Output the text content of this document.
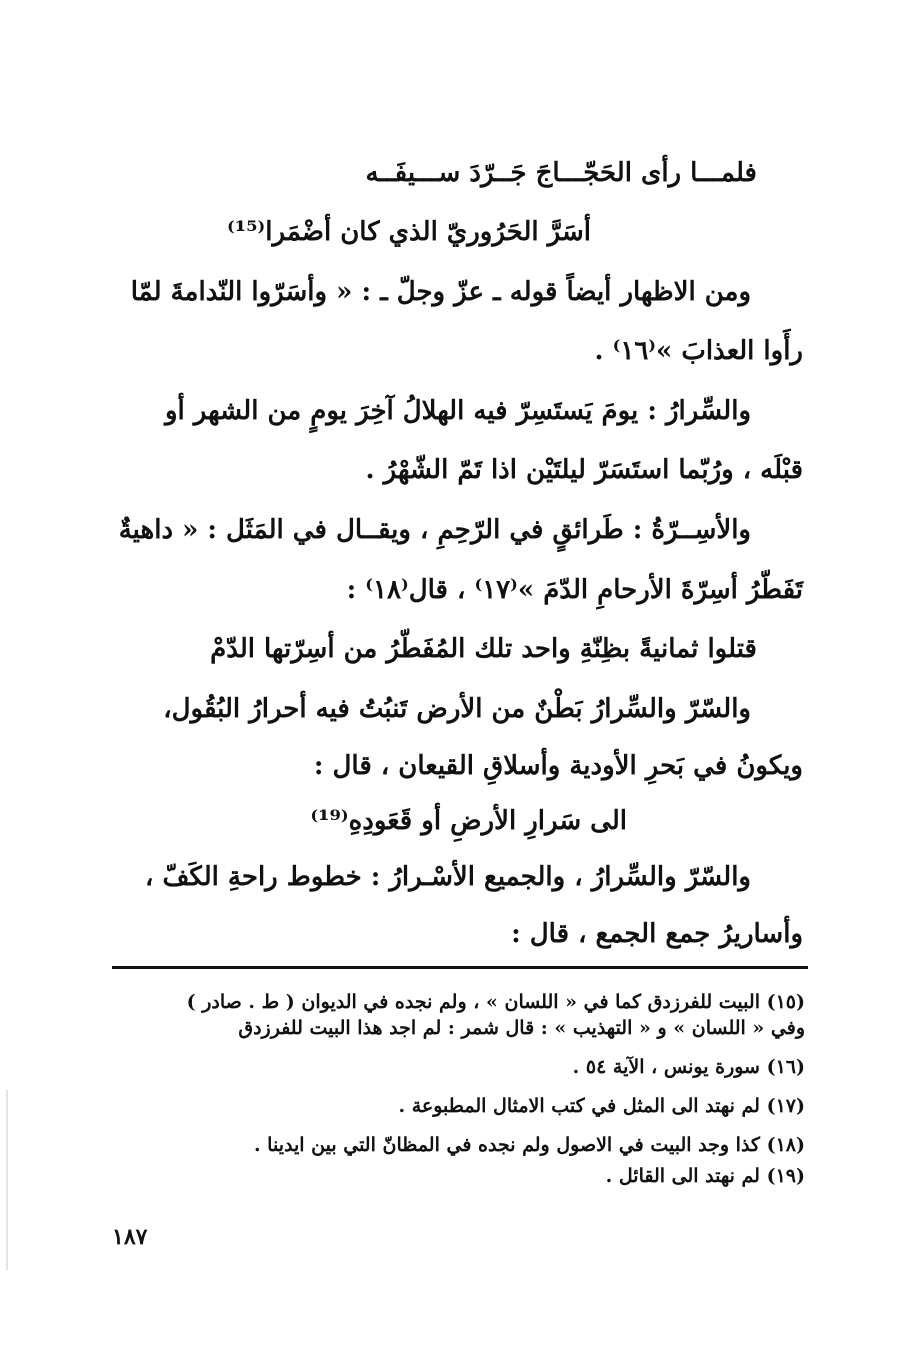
فلمـــا رأى الحَجّـــاجَ جَــرّدَ ســـيفَــه
أسَرَّ الحَرُوريّ الذي كان أضْمَرا⁽¹⁵⁾
ومن الاظهار أيضاً قوله ـ عزّ وجلّ ـ : « وأسَرّوا النّدامةَ لمّا
رأَوا العذابَ »⁽١٦⁾ .
والسِّرارُ : يومَ يَستَسِرّ فيه الهلالُ آخِرَ يومٍ من الشهر أو
قبْلَه ، ورُبّما استَسَرّ ليلتَيْن اذا تَمّ الشّهْرُ .
والأسِــرّةُ : طَرائقٍ في الرّحِمِ ، ويقــال في المَثَل : « داهيةٌ
تَفَطّرُ أسِرّةَ الأرحامِ الدّمَ »⁽١٧⁾ ، قال⁽١٨⁾ :
قتلوا ثمانيةً بظِنّةِ واحد تلك المُفَطّرُ من أسِرّتها الدّمْ
والسّرّ والسِّرارُ بَطْنٌ من الأرض تَنبُتُ فيه أحرارُ البُقُول،
ويكونُ في بَحرِ الأودية وأسلاقِ القيعان ، قال :
الى سَرارِ الأرضِ أو قَعَودِهِ⁽¹⁹⁾
والسّرّ والسِّرارُ ، والجميع الأسْـرارُ : خطوط راحةِ الكَفّ ،
وأساريرُ جمع الجمع ، قال :
(١٥) البيت للفرزدق كما في « اللسان » ، ولم نجده في الديوان ( ط . صادر )
وفي « اللسان » و « التهذيب » : قال شمر : لم اجد هذا البيت للفرزدق
(١٦) سورة يونس ، الآية ٥٤ .
(١٧) لم نهتد الى المثل في كتب الامثال المطبوعة .
(١٨) كذا وجد البيت في الاصول ولم نجده في المظانّ التي بين ايدينا .
(١٩) لم نهتد الى القائل .
١٨٧
